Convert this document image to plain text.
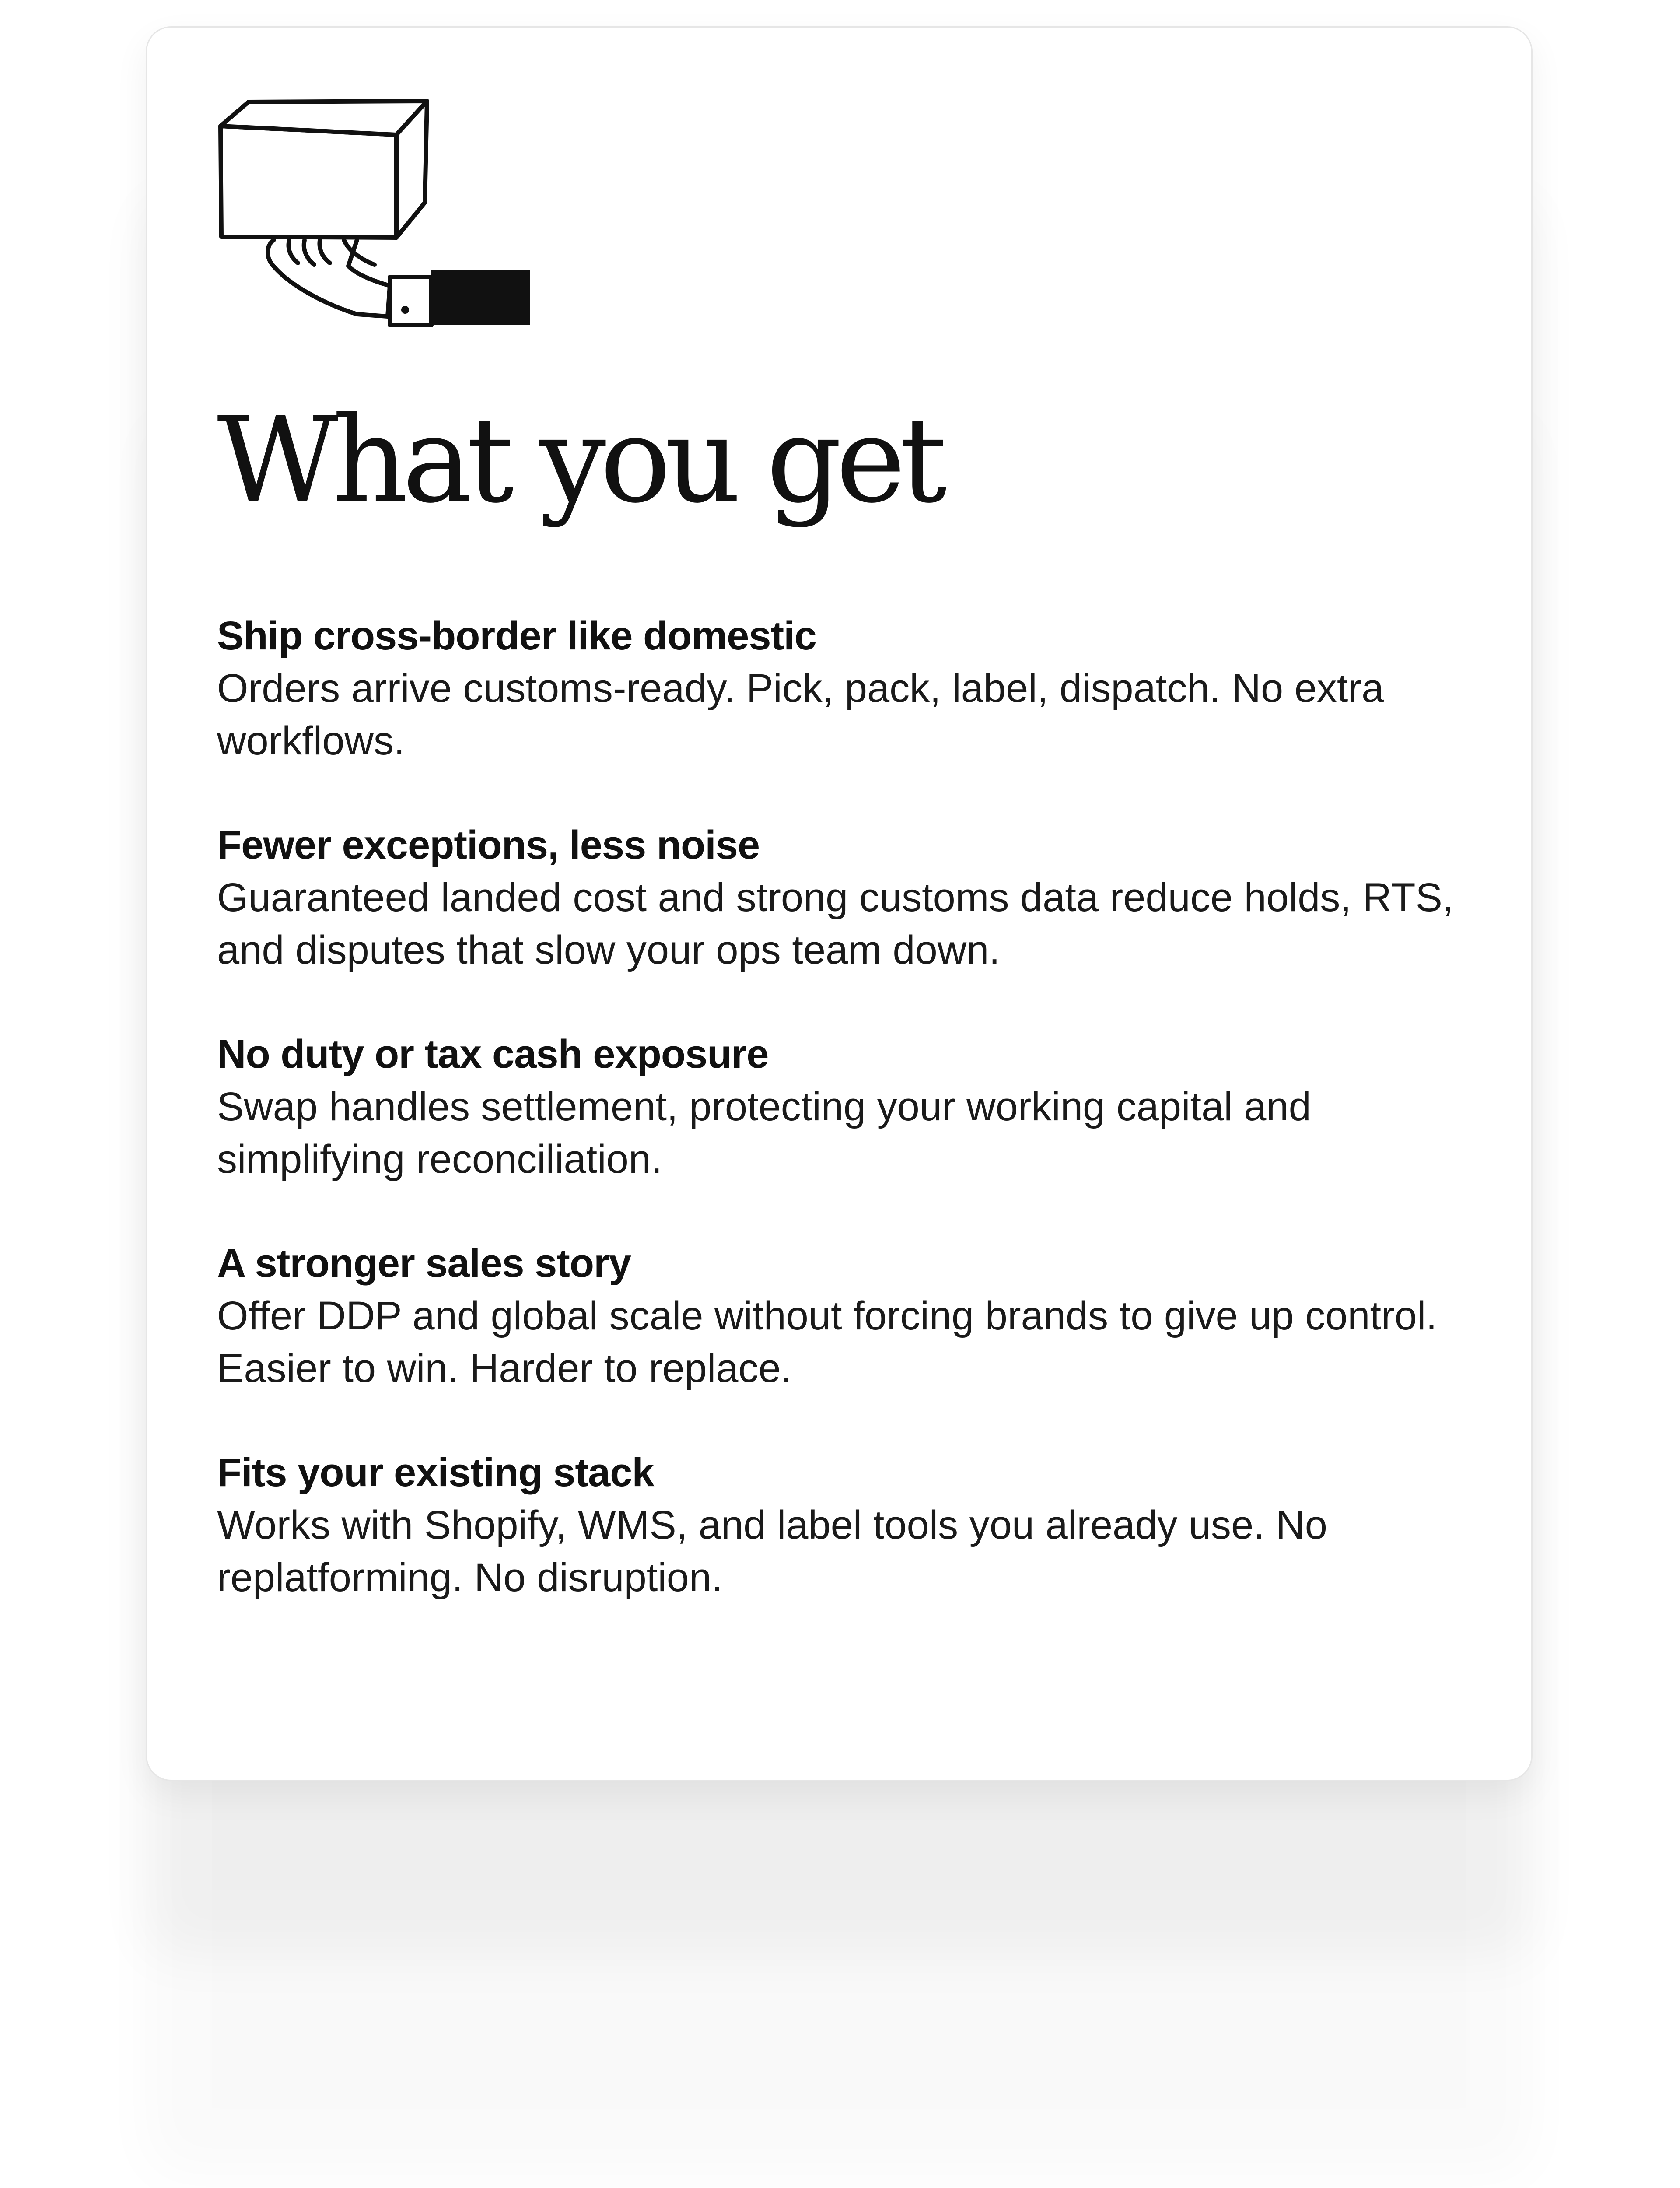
What you get
Ship cross-border like domestic
Orders arrive customs-ready. Pick, pack, label, dispatch. No extra workflows.
Fewer exceptions, less noise
Guaranteed landed cost and strong customs data reduce holds, RTS, and disputes that slow your ops team down.
No duty or tax cash exposure
Swap handles settlement, protecting your working capital and simplifying reconciliation.
A stronger sales story
Offer DDP and global scale without forcing brands to give up control. Easier to win. Harder to replace.
Fits your existing stack
Works with Shopify, WMS, and label tools you already use. No replatforming. No disruption.
